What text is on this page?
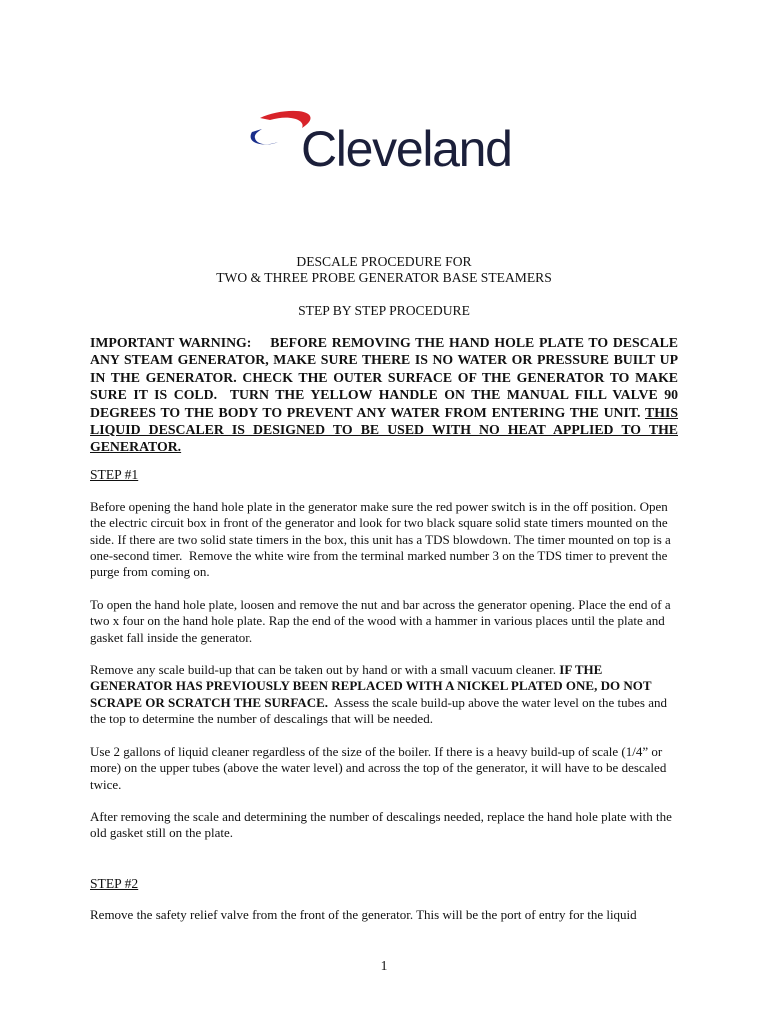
Cleveland
DESCALE PROCEDURE FOR
TWO & THREE PROBE GENERATOR BASE STEAMERS
STEP BY STEP PROCEDURE
IMPORTANT WARNING:    BEFORE REMOVING THE HAND HOLE PLATE TO DESCALE ANY STEAM GENERATOR, MAKE SURE THERE IS NO WATER OR PRESSURE BUILT UP IN THE GENERATOR. CHECK THE OUTER SURFACE OF THE GENERATOR TO MAKE SURE IT IS COLD.  TURN THE YELLOW HANDLE ON THE MANUAL FILL VALVE 90 DEGREES TO THE BODY TO PREVENT ANY WATER FROM ENTERING THE UNIT. THIS LIQUID DESCALER IS DESIGNED TO BE USED WITH NO HEAT APPLIED TO THE GENERATOR.
STEP #1
Before opening the hand hole plate in the generator make sure the red power switch is in the off position. Open the electric circuit box in front of the generator and look for two black square solid state timers mounted on the side. If there are two solid state timers in the box, this unit has a TDS blowdown. The timer mounted on top is a one-second timer.  Remove the white wire from the terminal marked number 3 on the TDS timer to prevent the purge from coming on.
To open the hand hole plate, loosen and remove the nut and bar across the generator opening. Place the end of a two x four on the hand hole plate. Rap the end of the wood with a hammer in various places until the plate and gasket fall inside the generator.
Remove any scale build-up that can be taken out by hand or with a small vacuum cleaner. IF THE GENERATOR HAS PREVIOUSLY BEEN REPLACED WITH A NICKEL PLATED ONE, DO NOT SCRAPE OR SCRATCH THE SURFACE.  Assess the scale build-up above the water level on the tubes and the top to determine the number of descalings that will be needed.
Use 2 gallons of liquid cleaner regardless of the size of the boiler. If there is a heavy build-up of scale (1/4” or more) on the upper tubes (above the water level) and across the top of the generator, it will have to be descaled twice.
After removing the scale and determining the number of descalings needed, replace the hand hole plate with the old gasket still on the plate.
STEP #2
Remove the safety relief valve from the front of the generator. This will be the port of entry for the liquid
1
